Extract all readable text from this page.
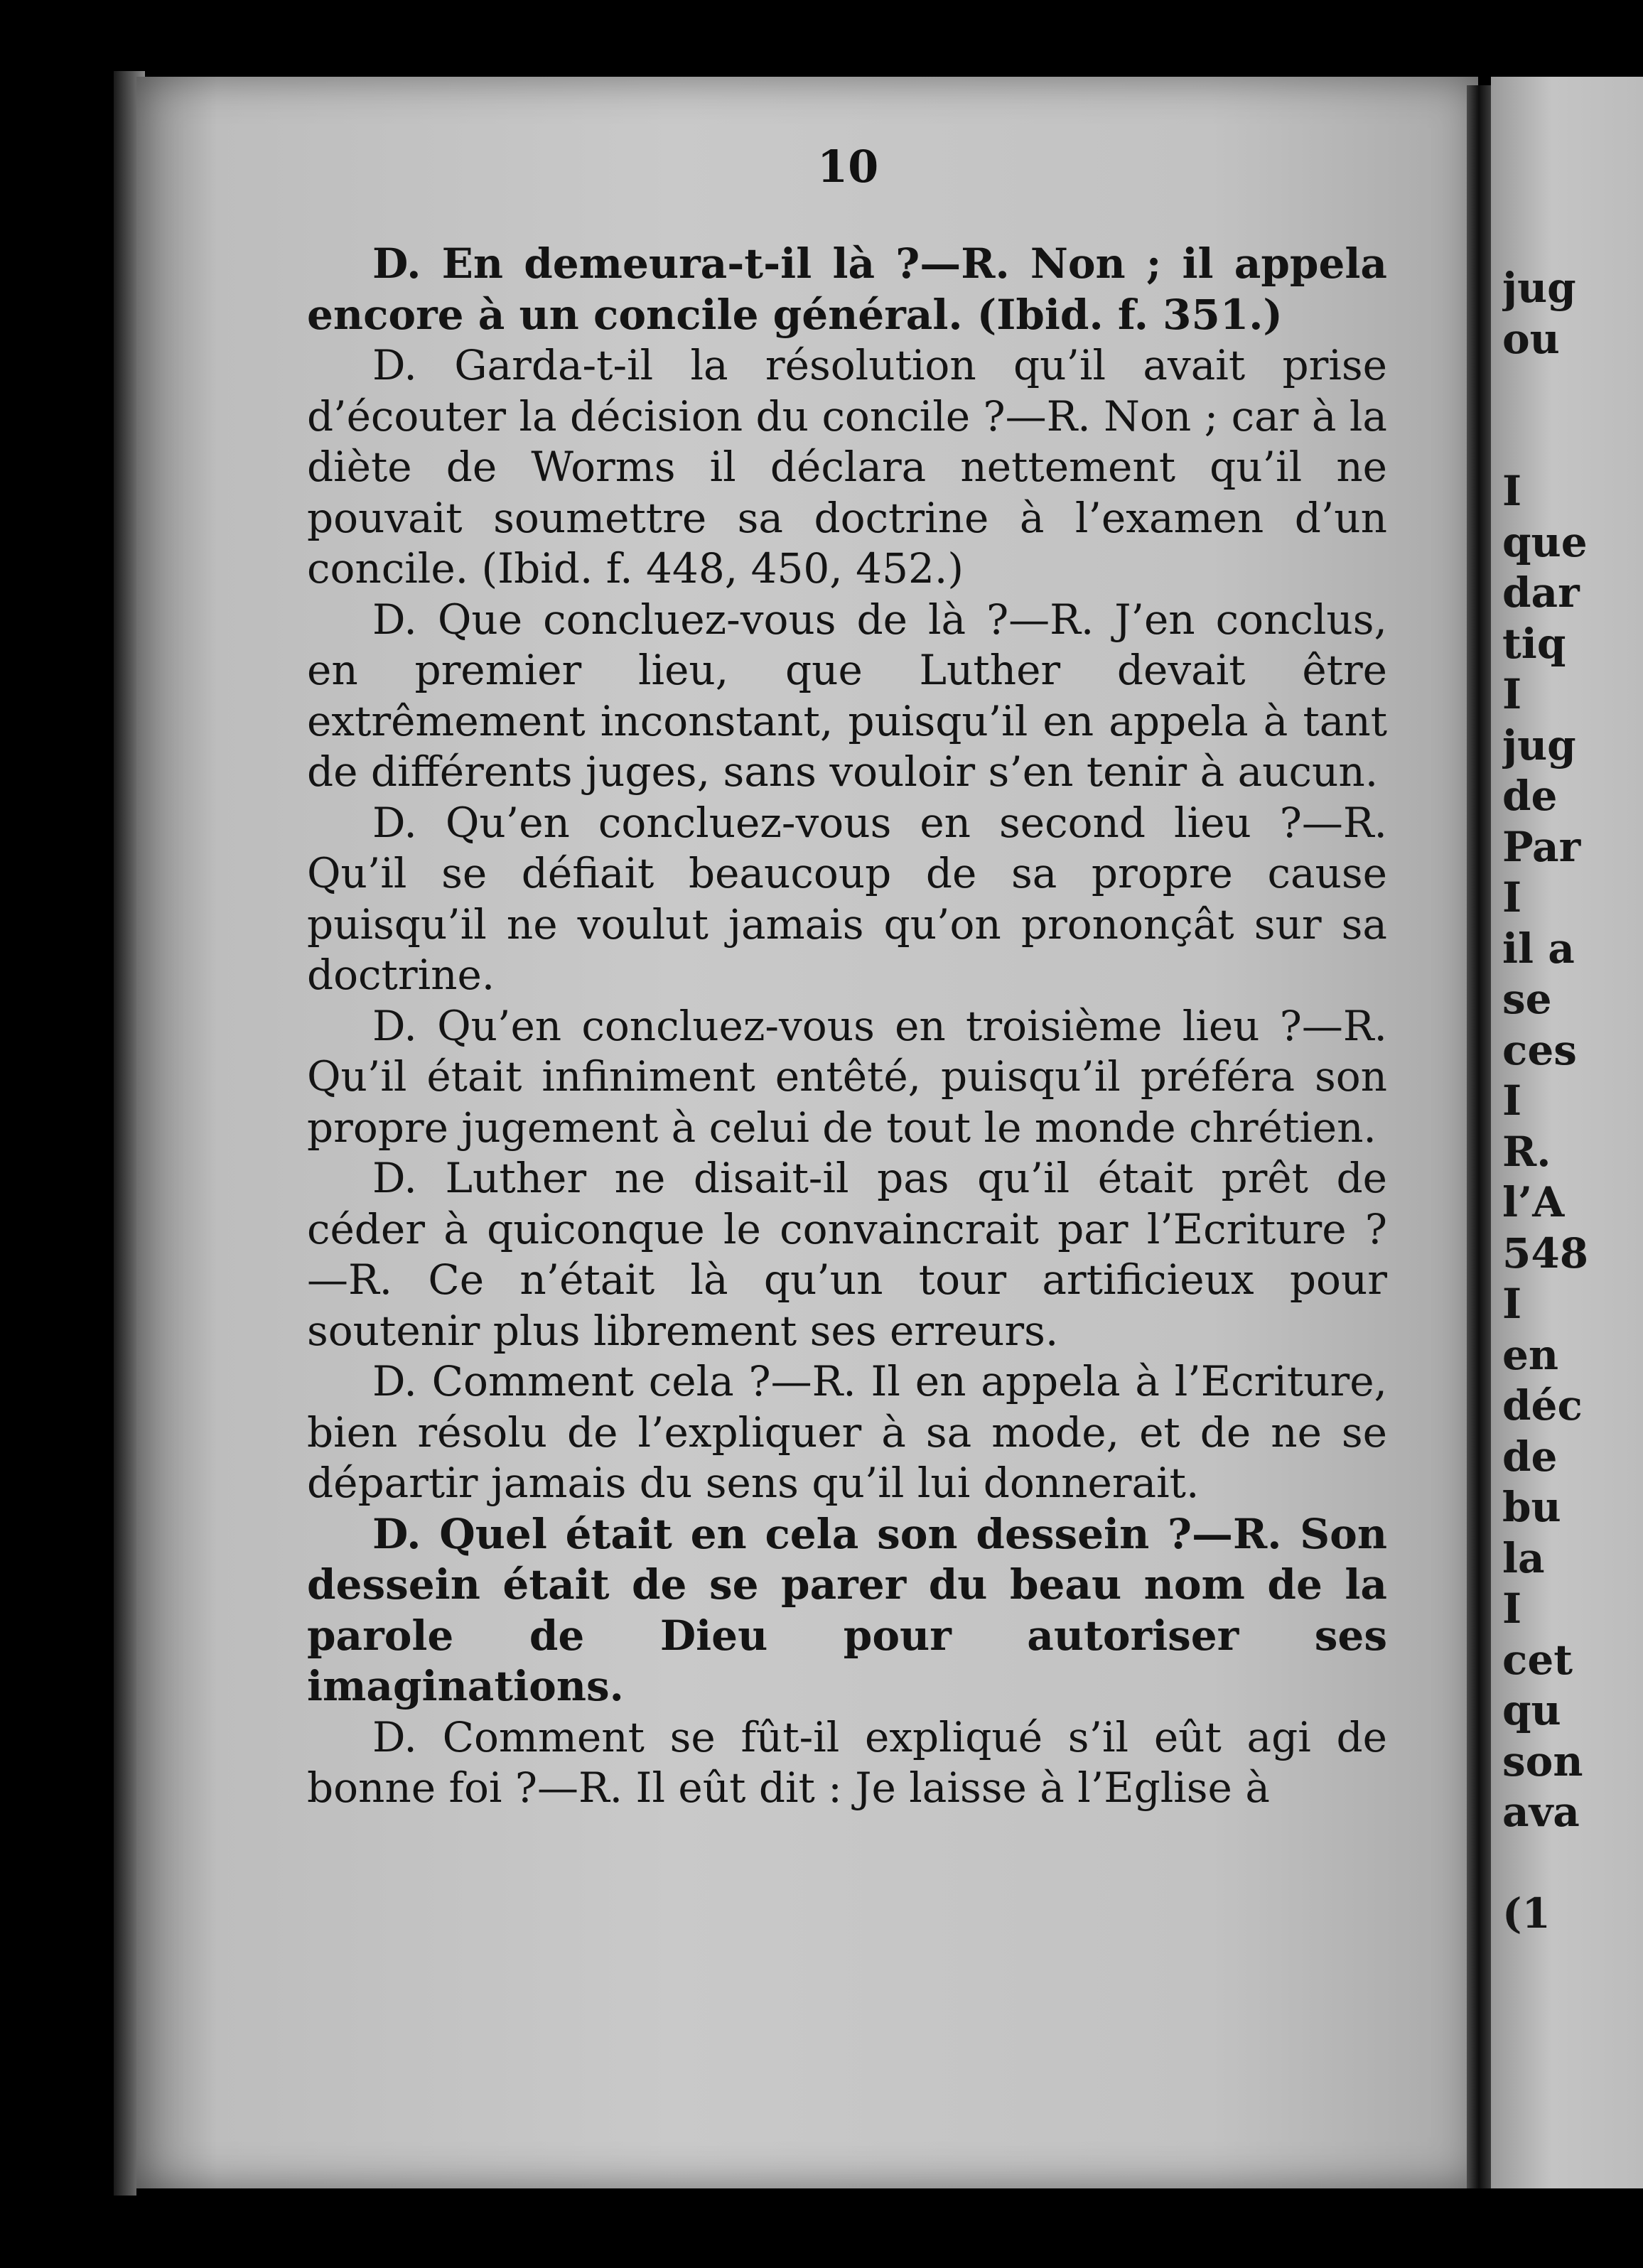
10

D. En demeura-t-il là ?—R. Non ; il appela encore à un concile général. (Ibid. f. 351.)

D. Garda-t-il la résolution qu’il avait prise d’écouter la décision du concile ?—R. Non ; car à la diète de Worms il déclara nettement qu’il ne pouvait soumettre sa doctrine à l’examen d’un concile. (Ibid. f. 448, 450, 452.)

D. Que concluez-vous de là ?—R. J’en conclus, en premier lieu, que Luther devait être extrêmement inconstant, puisqu’il en appela à tant de différents juges, sans vouloir s’en tenir à aucun.

D. Qu’en concluez-vous en second lieu ?—R. Qu’il se défiait beaucoup de sa propre cause puisqu’il ne voulut jamais qu’on prononçât sur sa doctrine.

D. Qu’en concluez-vous en troisième lieu ?—R. Qu’il était infiniment entêté, puisqu’il préféra son propre jugement à celui de tout le monde chrétien.

D. Luther ne disait-il pas qu’il était prêt de céder à quiconque le convaincrait par l’Ecriture ?—R. Ce n’était là qu’un tour artificieux pour soutenir plus librement ses erreurs.

D. Comment cela ?—R. Il en appela à l’Ecriture, bien résolu de l’expliquer à sa mode, et de ne se départir jamais du sens qu’il lui donnerait.

D. Quel était en cela son dessein ?—R. Son dessein était de se parer du beau nom de la parole de Dieu pour autoriser ses imaginations.

D. Comment se fût-il expliqué s’il eût agi de bonne foi ?—R. Il eût dit : Je laisse à l’Eglise à

jug
ou
I
que
dar
tiq
I
jug
de
Par
I
il a
se
ces
I
R.
l’A
548
I
en
déc
de
bu
la
I
cet
qu
son
ava
(1
